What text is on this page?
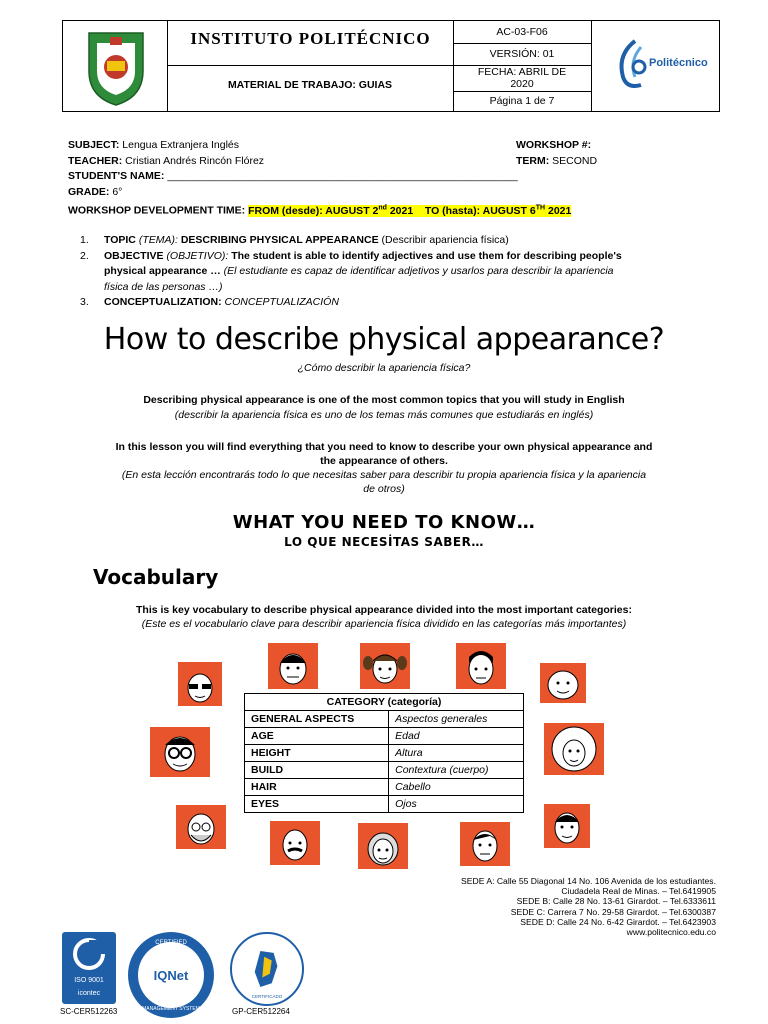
INSTITUTO POLITÉCNICO
MATERIAL DE TRABAJO: GUIAS
AC-03-F06
VERSIÓN: 01
FECHA: ABRIL DE
2020
Página 1 de 7
Politécnico
SUBJECT: Lengua Extranjera Inglés	WORKSHOP #:
TEACHER: Cristian Andrés Rincón Flórez	TERM: SECOND
STUDENT'S NAME: ____________________________________________________________
GRADE: 6°
WORKSHOP DEVELOPMENT TIME: FROM (desde): AUGUST 2nd 2021 TO (hasta): AUGUST 6TH 2021
1. TOPIC (TEMA): DESCRIBING PHYSICAL APPEARANCE (Describir apariencia física)
2. OBJECTIVE (OBJETIVO): The student is able to identify adjectives and use them for describing people's
physical appearance … (El estudiante es capaz de identificar adjetivos y usarlos para describir la apariencia
física de las personas …)
3. CONCEPTUALIZATION: CONCEPTUALIZACIÓN
How to describe physical appearance?
¿Cómo describir la apariencia física?
Describing physical appearance is one of the most common topics that you will study in English
(describir la apariencia física es uno de los temas más comunes que estudiarás en inglés)
In this lesson you will find everything that you need to know to describe your own physical appearance and
the appearance of others.
(En esta lección encontrarás todo lo que necesitas saber para describir tu propia apariencia física y la apariencia
de otros)
WHAT YOU NEED TO KNOW…
LO QUE NECESİTAS SABER…
Vocabulary
This is key vocabulary to describe physical appearance divided into the most important categories:
(Este es el vocabulario clave para describir apariencia física dividido en las categorías más importantes)
CATEGORY (categoría)	
GENERAL ASPECTS	Aspectos generales
AGE	Edad
HEIGHT	Altura
BUILD	Contextura (cuerpo)
HAIR	Cabello
EYES	Ojos
SEDE A: Calle 55 Diagonal 14 No. 106 Avenida de los estudiantes.
Ciudadela Real de Minas. – Tel.6419905
SEDE B: Calle 28 No. 13-61 Girardot. – Tel.6333611
SEDE C: Carrera 7 No. 29-58 Girardot. – Tel.6300387
SEDE D: Calle 24 No. 6-42 Girardot. – Tel.6423903
www.politecnico.edu.co
ISO 9001
icontec
SC-CER512263
CERTIFIED
IQNet
MANAGEMENT SYSTEM
CERTIFICADO
GP-CER512264
